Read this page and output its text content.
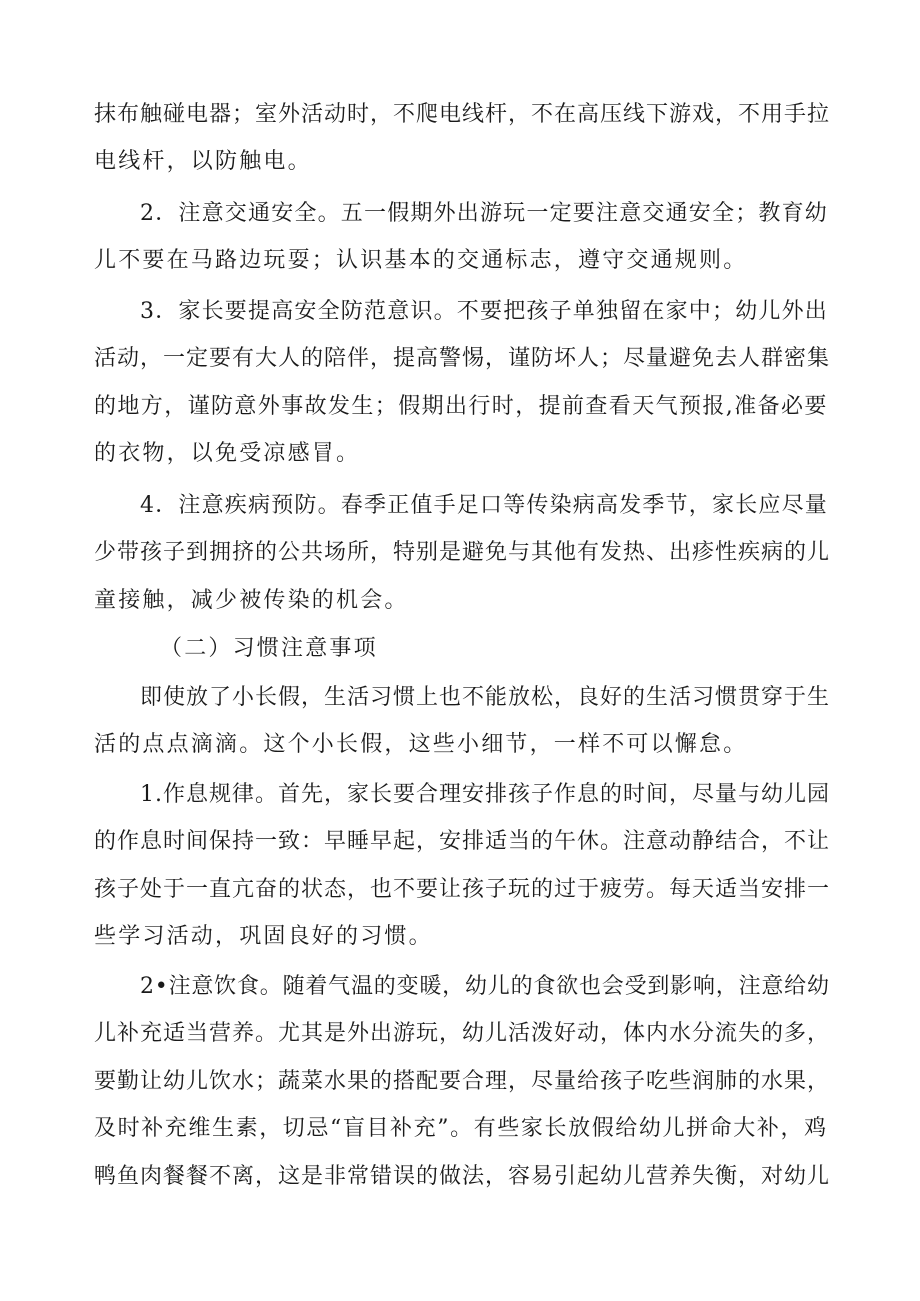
抹布触碰电器；室外活动时，不爬电线杆，不在高压线下游戏，不用手拉
电线杆，以防触电。
2．注意交通安全。五一假期外出游玩一定要注意交通安全；教育幼
儿不要在马路边玩耍；认识基本的交通标志，遵守交通规则。
3．家长要提高安全防范意识。不要把孩子单独留在家中；幼儿外出
活动，一定要有大人的陪伴，提高警惕，谨防坏人；尽量避免去人群密集
的地方，谨防意外事故发生；假期出行时，提前查看天气预报,准备必要
的衣物，以免受凉感冒。
4．注意疾病预防。春季正值手足口等传染病高发季节，家长应尽量
少带孩子到拥挤的公共场所，特别是避免与其他有发热、出疹性疾病的儿
童接触，减少被传染的机会。
（二）习惯注意事项
即使放了小长假，生活习惯上也不能放松，良好的生活习惯贯穿于生
活的点点滴滴。这个小长假，这些小细节，一样不可以懈怠。
1.作息规律。首先，家长要合理安排孩子作息的时间，尽量与幼儿园
的作息时间保持一致：早睡早起，安排适当的午休。注意动静结合，不让
孩子处于一直亢奋的状态，也不要让孩子玩的过于疲劳。每天适当安排一
些学习活动，巩固良好的习惯。
2•注意饮食。随着气温的变暖，幼儿的食欲也会受到影响，注意给幼
儿补充适当营养。尤其是外出游玩，幼儿活泼好动，体内水分流失的多，
要勤让幼儿饮水；蔬菜水果的搭配要合理，尽量给孩子吃些润肺的水果，
及时补充维生素，切忌“盲目补充”。有些家长放假给幼儿拼命大补，鸡
鸭鱼肉餐餐不离，这是非常错误的做法，容易引起幼儿营养失衡，对幼儿
